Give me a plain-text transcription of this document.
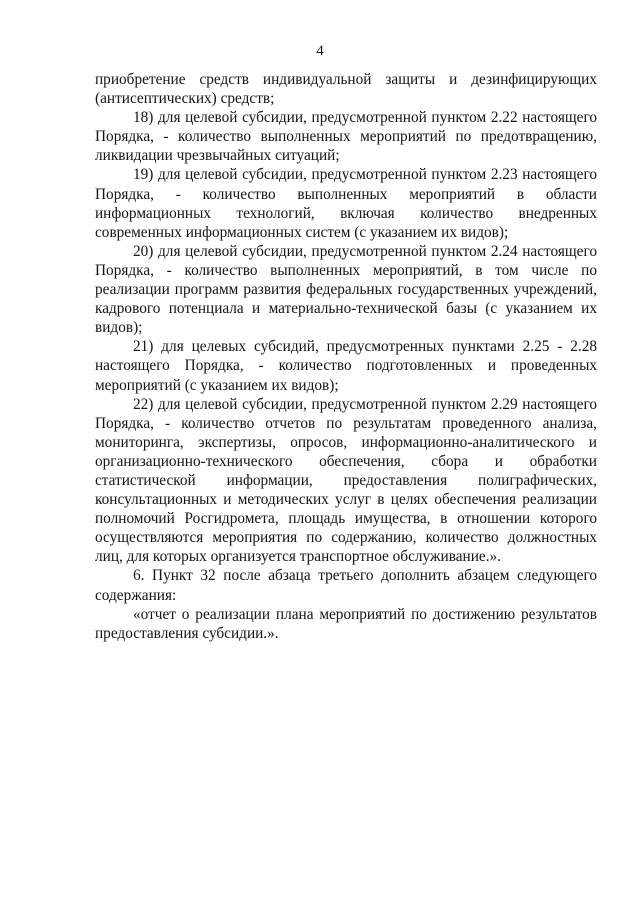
4

приобретение средств индивидуальной защиты и дезинфицирующих (антисептических) средств;

18) для целевой субсидии, предусмотренной пунктом 2.22 настоящего Порядка, - количество выполненных мероприятий по предотвращению, ликвидации чрезвычайных ситуаций;

19) для целевой субсидии, предусмотренной пунктом 2.23 настоящего Порядка, - количество выполненных мероприятий в области информационных технологий, включая количество внедренных современных информационных систем (с указанием их видов);

20) для целевой субсидии, предусмотренной пунктом 2.24 настоящего Порядка, - количество выполненных мероприятий, в том числе по реализации программ развития федеральных государственных учреждений, кадрового потенциала и материально-технической базы (с указанием их видов);

21) для целевых субсидий, предусмотренных пунктами 2.25 - 2.28 настоящего Порядка, - количество подготовленных и проведенных мероприятий (с указанием их видов);

22) для целевой субсидии, предусмотренной пунктом 2.29 настоящего Порядка, - количество отчетов по результатам проведенного анализа, мониторинга, экспертизы, опросов, информационно-аналитического и организационно-технического обеспечения, сбора и обработки статистической информации, предоставления полиграфических, консультационных и методических услуг в целях обеспечения реализации полномочий Росгидромета, площадь имущества, в отношении которого осуществляются мероприятия по содержанию, количество должностных лиц, для которых организуется транспортное обслуживание.».

6. Пункт 32 после абзаца третьего дополнить абзацем следующего содержания:

«отчет о реализации плана мероприятий по достижению результатов предоставления субсидии.».
